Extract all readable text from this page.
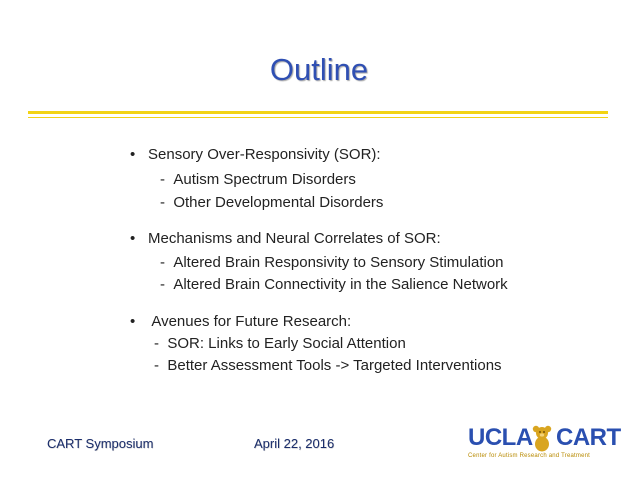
Outline
• Sensory Over-Responsivity (SOR):
- Autism Spectrum Disorders
- Other Developmental Disorders
• Mechanisms and Neural Correlates of SOR:
- Altered Brain Responsivity to Sensory Stimulation
- Altered Brain Connectivity in the Salience Network
• Avenues for Future Research:
- SOR: Links to Early Social Attention
- Better Assessment Tools -> Targeted Interventions
CART Symposium	April 22, 2016	UCLA CART
Center for Autism Research and Treatment
